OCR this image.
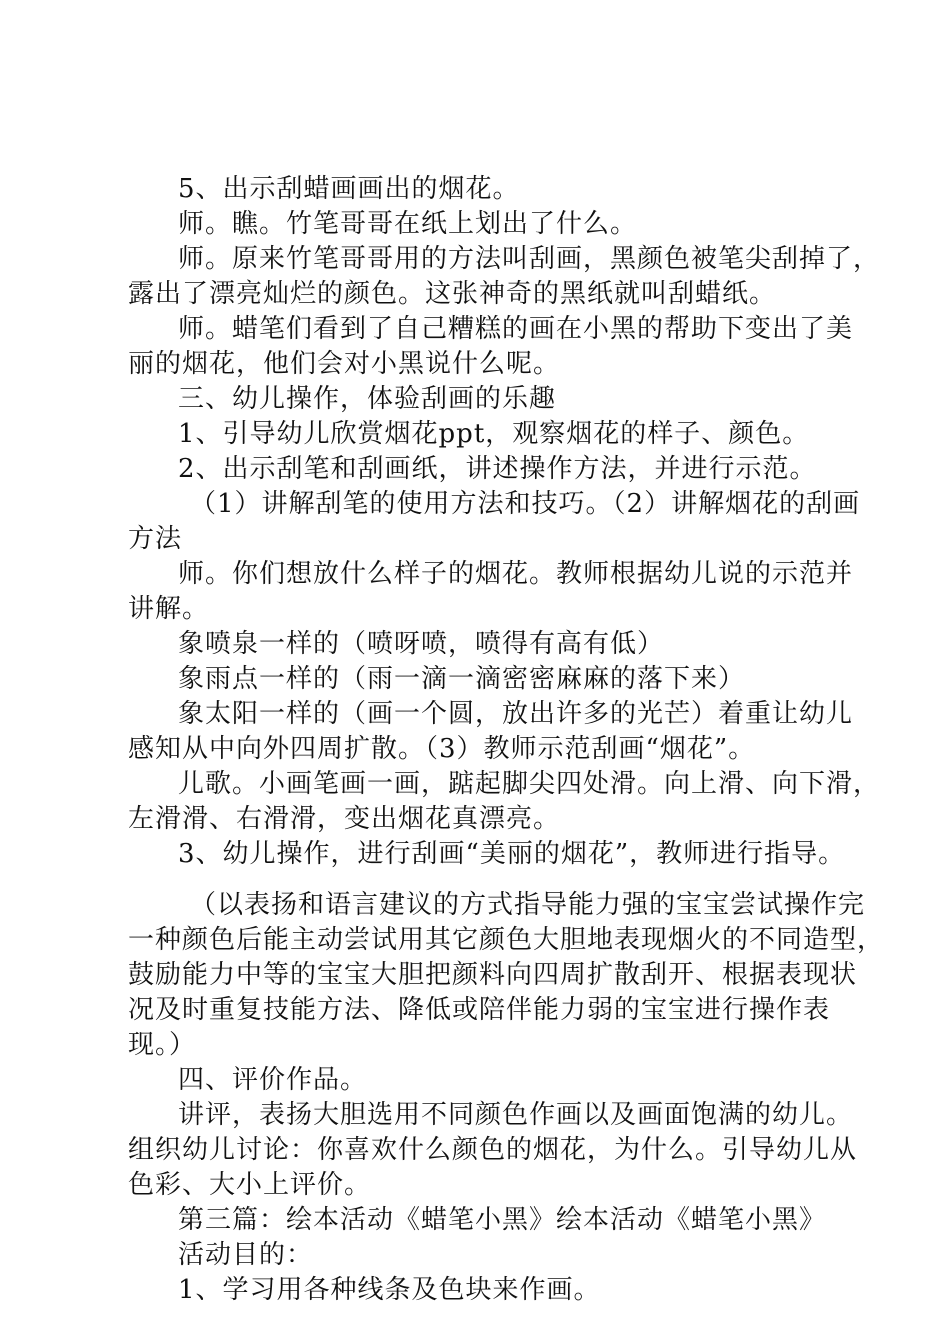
5、出示刮蜡画画出的烟花。

师。瞧。竹笔哥哥在纸上划出了什么。

师。原来竹笔哥哥用的方法叫刮画，黑颜色被笔尖刮掉了，

露出了漂亮灿烂的颜色。这张神奇的黑纸就叫刮蜡纸。

师。蜡笔们看到了自己糟糕的画在小黑的帮助下变出了美

丽的烟花，他们会对小黑说什么呢。

三、幼儿操作，体验刮画的乐趣

1、引导幼儿欣赏烟花ppt，观察烟花的样子、颜色。

2、出示刮笔和刮画纸，讲述操作方法，并进行示范。

（1）讲解刮笔的使用方法和技巧。（2）讲解烟花的刮画

方法

师。你们想放什么样子的烟花。教师根据幼儿说的示范并

讲解。

象喷泉一样的（喷呀喷，喷得有高有低）

象雨点一样的（雨一滴一滴密密麻麻的落下来）

象太阳一样的（画一个圆，放出许多的光芒）着重让幼儿

感知从中向外四周扩散。（3）教师示范刮画“烟花”。

儿歌。小画笔画一画，踮起脚尖四处滑。向上滑、向下滑，

左滑滑、右滑滑，变出烟花真漂亮。

3、幼儿操作，进行刮画“美丽的烟花”，教师进行指导。

（以表扬和语言建议的方式指导能力强的宝宝尝试操作完

一种颜色后能主动尝试用其它颜色大胆地表现烟火的不同造型，

鼓励能力中等的宝宝大胆把颜料向四周扩散刮开、根据表现状

况及时重复技能方法、降低或陪伴能力弱的宝宝进行操作表

现。）

四、评价作品。

讲评，表扬大胆选用不同颜色作画以及画面饱满的幼儿。

组织幼儿讨论：你喜欢什么颜色的烟花，为什么。引导幼儿从

色彩、大小上评价。

第三篇：绘本活动《蜡笔小黑》绘本活动《蜡笔小黑》

活动目的：

1、学习用各种线条及色块来作画。
